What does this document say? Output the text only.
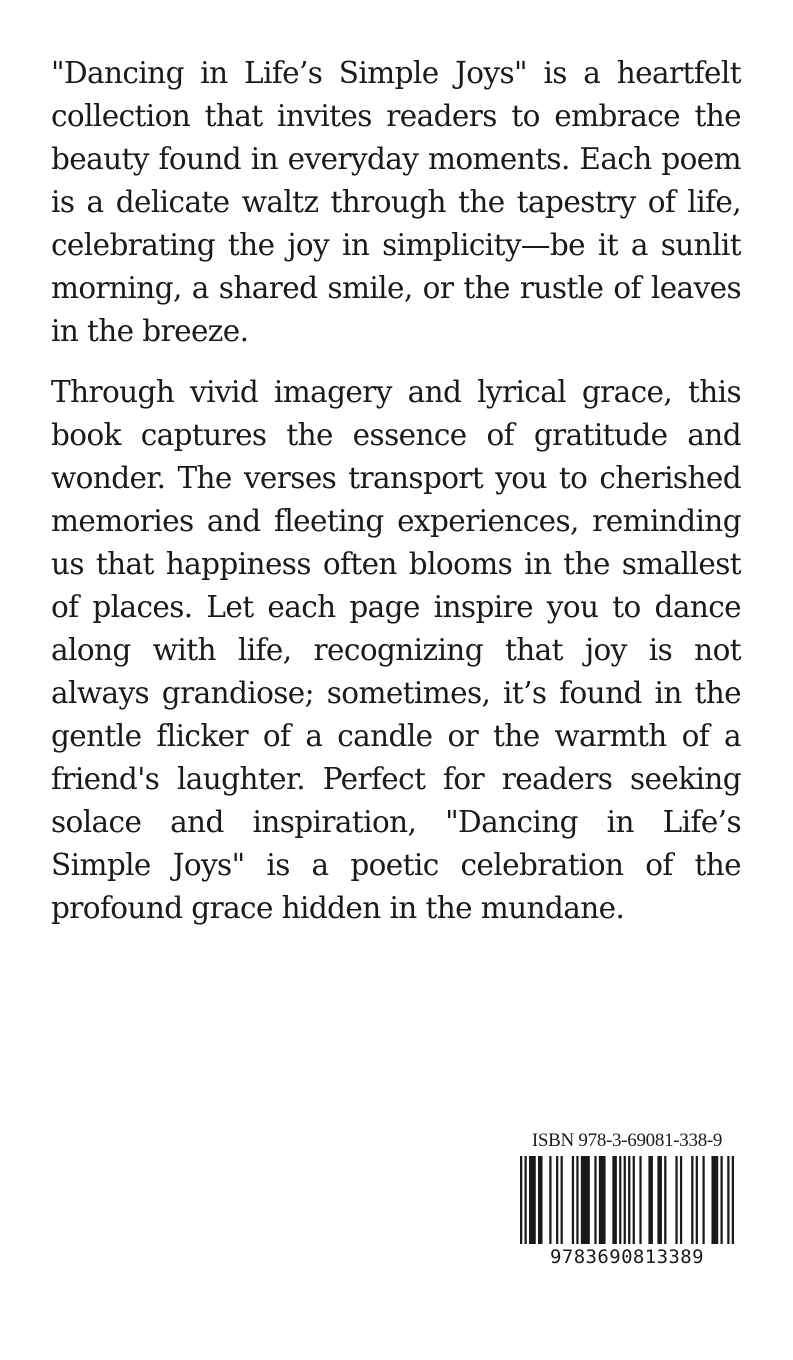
"Dancing in Life’s Simple Joys" is a heartfelt collection that invites readers to embrace the beauty found in everyday moments. Each poem is a delicate waltz through the tapestry of life, celebrating the joy in simplicity—be it a sunlit morning, a shared smile, or the rustle of leaves in the breeze.

Through vivid imagery and lyrical grace, this book captures the essence of gratitude and wonder. The verses transport you to cherished memories and fleeting experiences, reminding us that happiness often blooms in the smallest of places. Let each page inspire you to dance along with life, recognizing that joy is not always grandiose; sometimes, it’s found in the gentle flicker of a candle or the warmth of a friend's laughter. Perfect for readers seeking solace and inspiration, "Dancing in Life’s Simple Joys" is a poetic celebration of the profound grace hidden in the mundane.

ISBN 978-3-69081-338-9
9783690813389
